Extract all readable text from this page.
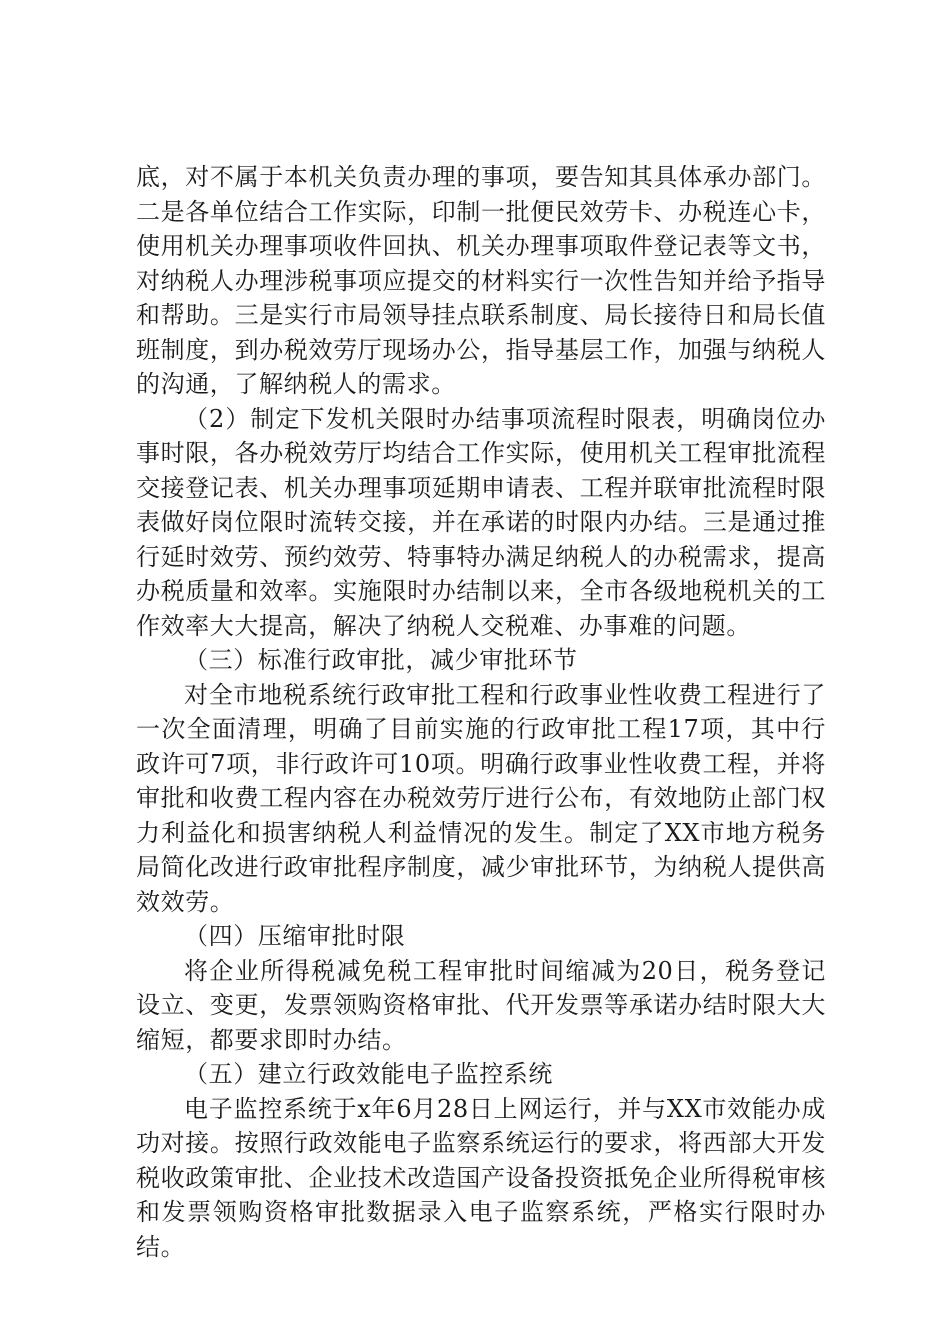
底，对不属于本机关负责办理的事项，要告知其具体承办部门。二是各单位结合工作实际，印制一批便民效劳卡、办税连心卡，使用机关办理事项收件回执、机关办理事项取件登记表等文书，对纳税人办理涉税事项应提交的材料实行一次性告知并给予指导和帮助。三是实行市局领导挂点联系制度、局长接待日和局长值班制度，到办税效劳厅现场办公，指导基层工作，加强与纳税人的沟通，了解纳税人的需求。

（2）制定下发机关限时办结事项流程时限表，明确岗位办事时限，各办税效劳厅均结合工作实际，使用机关工程审批流程交接登记表、机关办理事项延期申请表、工程并联审批流程时限表做好岗位限时流转交接，并在承诺的时限内办结。三是通过推行延时效劳、预约效劳、特事特办满足纳税人的办税需求，提高办税质量和效率。实施限时办结制以来，全市各级地税机关的工作效率大大提高，解决了纳税人交税难、办事难的问题。

（三）标准行政审批，减少审批环节

对全市地税系统行政审批工程和行政事业性收费工程进行了一次全面清理，明确了目前实施的行政审批工程17项，其中行政许可7项，非行政许可10项。明确行政事业性收费工程，并将审批和收费工程内容在办税效劳厅进行公布，有效地防止部门权力利益化和损害纳税人利益情况的发生。制定了XX市地方税务局简化改进行政审批程序制度，减少审批环节，为纳税人提供高效效劳。

（四）压缩审批时限

将企业所得税减免税工程审批时间缩减为20日，税务登记设立、变更，发票领购资格审批、代开发票等承诺办结时限大大缩短，都要求即时办结。

（五）建立行政效能电子监控系统

电子监控系统于x年6月28日上网运行，并与XX市效能办成功对接。按照行政效能电子监察系统运行的要求，将西部大开发税收政策审批、企业技术改造国产设备投资抵免企业所得税审核和发票领购资格审批数据录入电子监察系统，严格实行限时办结。
